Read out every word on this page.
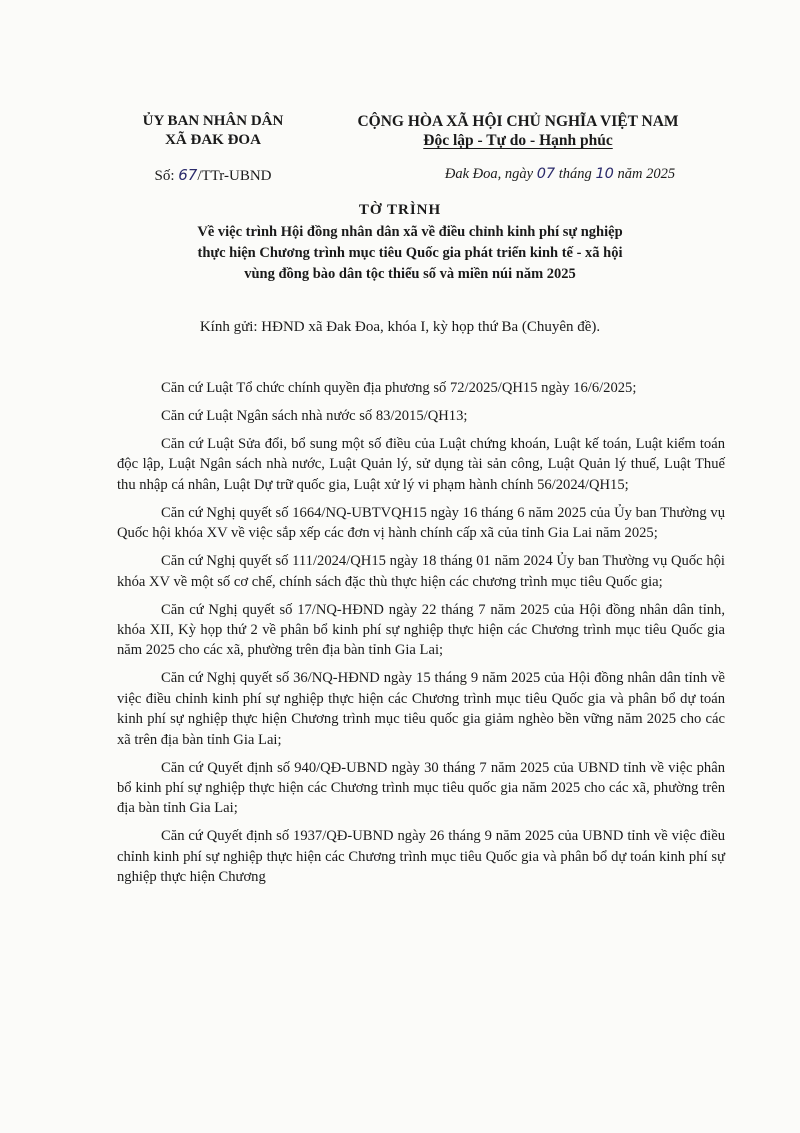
ỦY BAN NHÂN DÂN
XÃ ĐAK ĐOA
CỘNG HÒA XÃ HỘI CHỦ NGHĨA VIỆT NAM
Độc lập - Tự do - Hạnh phúc
Số: 67/TTr-UBND	Đak Đoa, ngày 07 tháng 10 năm 2025
TỜ TRÌNH
Về việc trình Hội đồng nhân dân xã về điều chỉnh kinh phí sự nghiệp
thực hiện Chương trình mục tiêu Quốc gia phát triển kinh tế - xã hội
vùng đồng bào dân tộc thiểu số và miền núi năm 2025
Kính gửi: HĐND xã Đak Đoa, khóa I, kỳ họp thứ Ba (Chuyên đề).

Căn cứ Luật Tổ chức chính quyền địa phương số 72/2025/QH15 ngày 16/6/2025;

Căn cứ Luật Ngân sách nhà nước số 83/2015/QH13;

Căn cứ Luật Sửa đổi, bổ sung một số điều của Luật chứng khoán, Luật kế toán, Luật kiểm toán độc lập, Luật Ngân sách nhà nước, Luật Quản lý, sử dụng tài sản công, Luật Quản lý thuế, Luật Thuế thu nhập cá nhân, Luật Dự trữ quốc gia, Luật xử lý vi phạm hành chính 56/2024/QH15;

Căn cứ Nghị quyết số 1664/NQ-UBTVQH15 ngày 16 tháng 6 năm 2025 của Ủy ban Thường vụ Quốc hội khóa XV về việc sắp xếp các đơn vị hành chính cấp xã của tỉnh Gia Lai năm 2025;

Căn cứ Nghị quyết số 111/2024/QH15 ngày 18 tháng 01 năm 2024 Ủy ban Thường vụ Quốc hội khóa XV về một số cơ chế, chính sách đặc thù thực hiện các chương trình mục tiêu Quốc gia;

Căn cứ Nghị quyết số 17/NQ-HĐND ngày 22 tháng 7 năm 2025 của Hội đồng nhân dân tỉnh, khóa XII, Kỳ họp thứ 2 về phân bổ kinh phí sự nghiệp thực hiện các Chương trình mục tiêu Quốc gia năm 2025 cho các xã, phường trên địa bàn tỉnh Gia Lai;

Căn cứ Nghị quyết số 36/NQ-HĐND ngày 15 tháng 9 năm 2025 của Hội đồng nhân dân tỉnh về việc điều chỉnh kinh phí sự nghiệp thực hiện các Chương trình mục tiêu Quốc gia và phân bổ dự toán kinh phí sự nghiệp thực hiện Chương trình mục tiêu quốc gia giảm nghèo bền vững năm 2025 cho các xã trên địa bàn tỉnh Gia Lai;

Căn cứ Quyết định số 940/QĐ-UBND ngày 30 tháng 7 năm 2025 của UBND tỉnh về việc phân bổ kinh phí sự nghiệp thực hiện các Chương trình mục tiêu quốc gia năm 2025 cho các xã, phường trên địa bàn tỉnh Gia Lai;

Căn cứ Quyết định số 1937/QĐ-UBND ngày 26 tháng 9 năm 2025 của UBND tỉnh về việc điều chỉnh kinh phí sự nghiệp thực hiện các Chương trình mục tiêu Quốc gia và phân bổ dự toán kinh phí sự nghiệp thực hiện Chương
